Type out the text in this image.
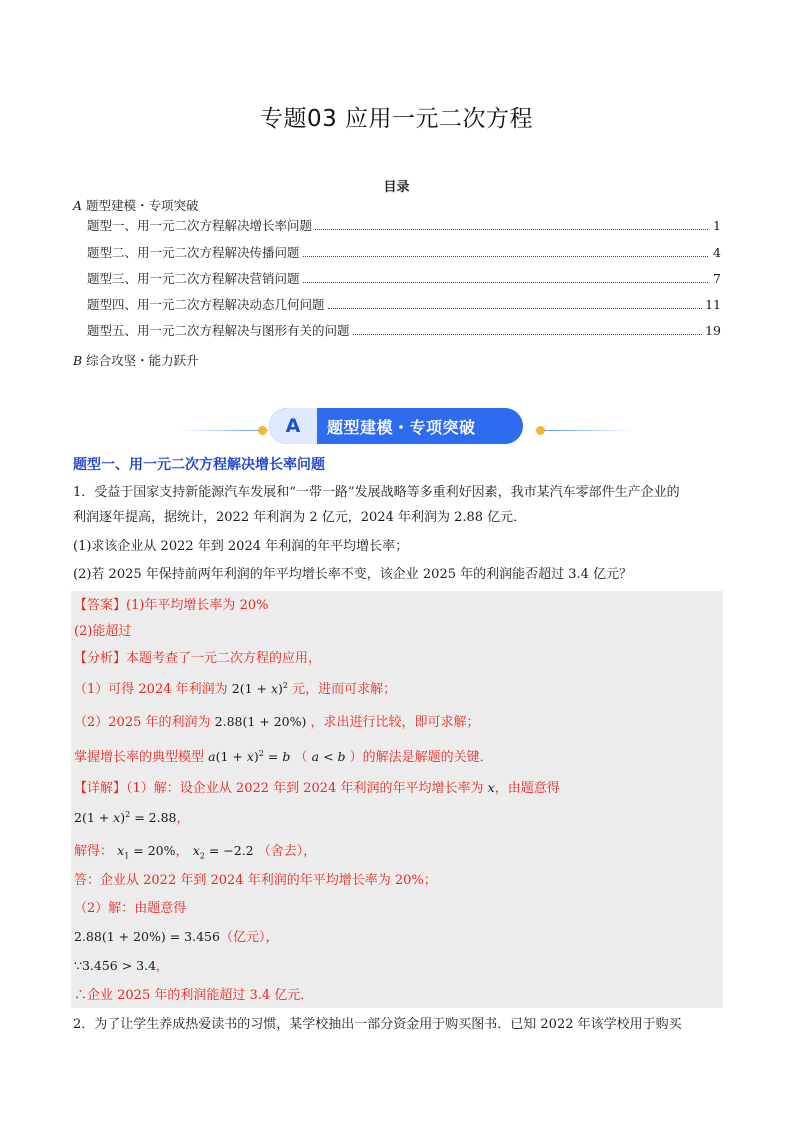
专题03 应用一元二次方程
目录
A 题型建模・专项突破
题型一、用一元二次方程解决增长率问题	1
题型二、用一元二次方程解决传播问题	4
题型三、用一元二次方程解决营销问题	7
题型四、用一元二次方程解决动态几何问题	11
题型五、用一元二次方程解决与图形有关的问题	19
B 综合攻坚・能力跃升
A	题型建模・专项突破
题型一、用一元二次方程解决增长率问题
1．受益于国家支持新能源汽车发展和“一带一路”发展战略等多重利好因素，我市某汽车零部件生产企业的
利润逐年提高，据统计，2022 年利润为 2 亿元，2024 年利润为 2.88 亿元．
(1)求该企业从 2022 年到 2024 年利润的年平均增长率；
(2)若 2025 年保持前两年利润的年平均增长率不变，该企业 2025 年的利润能否超过 3.4 亿元？
【答案】(1)年平均增长率为 20%
(2)能超过
【分析】本题考查了一元二次方程的应用，
（1）可得 2024 年利润为 $2(1 + x)^2$ 元，进而可求解；
（2）2025 年的利润为 2.88(1 + 20%) ，求出进行比较，即可求解；
掌握增长率的典型模型 $a(1 + x)^2 = b$ （ a < b ）的解法是解题的关键．
【详解】（1）解：设企业从 2022 年到 2024 年利润的年平均增长率为 x，由题意得
$2(1 + x)^2 = 2.88$，
解得： $x_1 = 20\%$， $x_2 = -2.2$ （舍去），
答：企业从 2022 年到 2024 年利润的年平均增长率为 20%；
（2）解：由题意得
2.88(1 + 20%) = 3.456（亿元），
∵3.456 > 3.4，
∴企业 2025 年的利润能超过 3.4 亿元．
2．为了让学生养成热爱读书的习惯，某学校抽出一部分资金用于购买图书．已知 2022 年该学校用于购买
